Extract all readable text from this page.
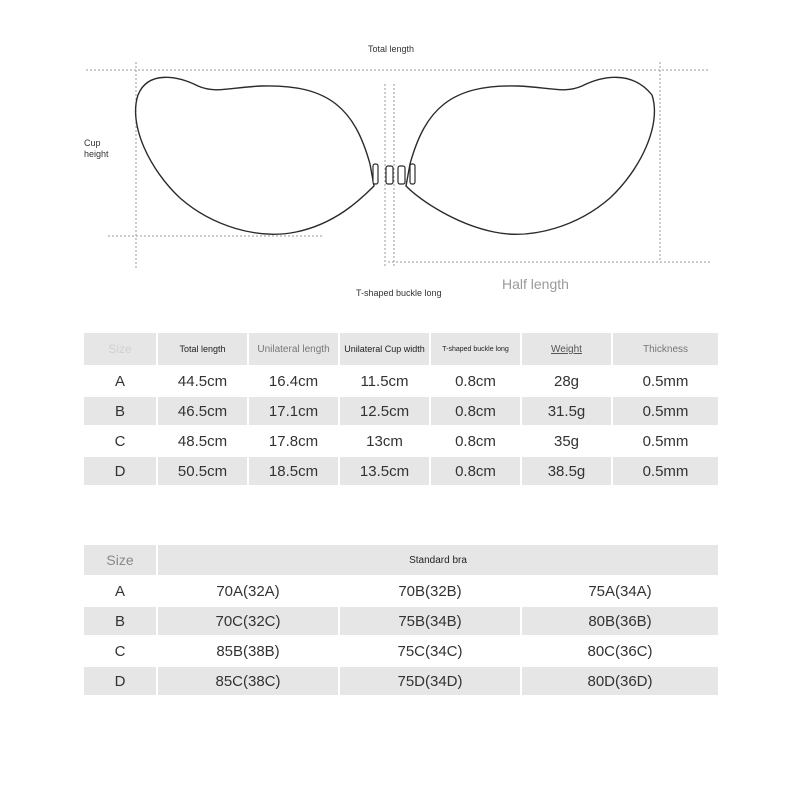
Total length
Cup height
T-shaped buckle long
Half length
Size	Total length	Unilateral length	Unilateral Cup width	T-shaped buckle long	Weight	Thickness
A	44.5cm	16.4cm	11.5cm	0.8cm	28g	0.5mm
B	46.5cm	17.1cm	12.5cm	0.8cm	31.5g	0.5mm
C	48.5cm	17.8cm	13cm	0.8cm	35g	0.5mm
D	50.5cm	18.5cm	13.5cm	0.8cm	38.5g	0.5mm
Size	Standard bra		
A	70A(32A)	70B(32B)	75A(34A)
B	70C(32C)	75B(34B)	80B(36B)
C	85B(38B)	75C(34C)	80C(36C)
D	85C(38C)	75D(34D)	80D(36D)
